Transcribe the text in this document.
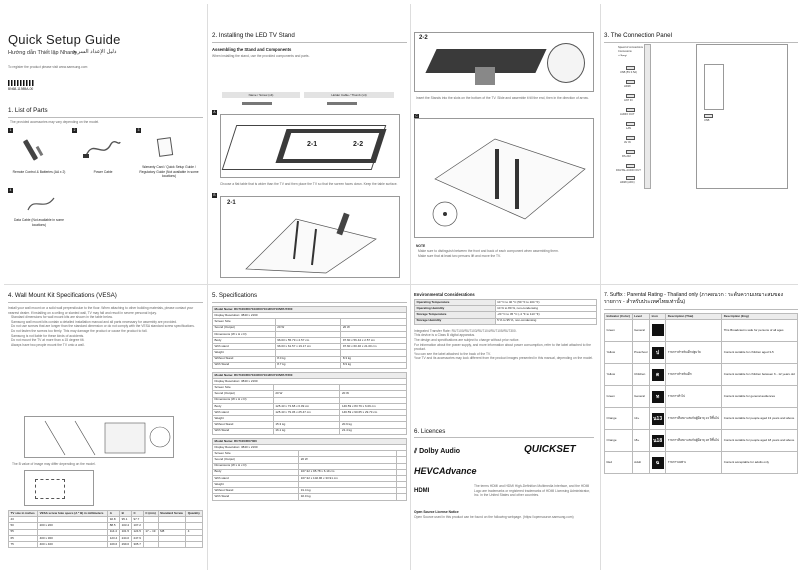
Quick Setup Guide
Hướng dẫn Thiết lập Nhanh
دليل الإعداد السريع
To register the product please visit www.samsung.com
BN68-11989A-00
1. List of Parts
The provided accessories may vary depending on the model.
1
Remote Control & Batteries (AA x 2)
2
Power Cable
3
Warranty Card / Quick Setup Guide / Regulatory Guide (Not available in some locations)
4
Data Cable (Not available in some locations)
2. Installing the LED TV Stand
Assembling the Stand and Components
When installing the stand, use the provided components and parts.
Name / Screw (x4)	Holder Cable / Thumb (x4)
A
2-1	2-2
Choose a flat table that is wider than the TV and then place the TV so that the screen faces down. Keep the table surface.
B
2-1
2-2
Insert the Stands into the slots on the bottom of the TV. Slide and assemble it till the end, then in the direction of arrow.
C
NOTE
Make sure to distinguish between the front and back of each component when assembling them.
Make sure that at least two persons lift and move the TV.
3. The Connection Panel
Speed of connections
Connexions
توصيلات
USB (5V 0.5A)
HDMI
ANT IN
AUDIO OUT
LAN
AV IN
RS-232
DIGITAL AUDIO OUT
HDMI (ARC)
USB
4. Wall Mount Kit Specifications (VESA)
Install your wall mount on a solid wall perpendicular to the floor. When attaching to other building materials, please contact your nearest dealer. If installing on a ceiling or slanted wall, TV may fall and result in severe personal injury.
Standard dimensions for wall mount kits are shown in the table below.
Samsung wall mount kits contain a detailed installation manual and all parts necessary for assembly are provided.
Do not use screws that are longer than the standard dimension or do not comply with the VESA standard screw specifications.
Do not fasten the screws too firmly. This may damage the product or cause the product to fall.
Samsung is not liable for these kinds of accidents.
Do not mount the TV at more than a 15 degree tilt.
Always have two people mount the TV onto a wall.
The B value of image may differ depending on the model.
TV size in inches	VESA screw hole specs (A * B) in millimeters	A	B	C	C (mm)	Standard Screw	Quantity
43		92.8	95.1	97.7			
50	200 x 200	88.5	103.4	107.2			
55		114.4	101.5	124.5	17 ~ 19	M8	4
65	400 x 300	123.4	244.0	247.9			
75	400 x 400	109.6	299.6	305.7			
5. Specifications
Model Name: RU7100/RU7103/RU7104/RU7105/RU7300		
Display Resolution: 3840 x 2160		
Screen Size		
Sound (Output)	20 W	20 W
Dimensions (W x H x D)		
Body	96.03 x 55.79 x 2.57 cm	97.60 x 56.44 x 2.57 cm
With stand	96.03 x 61.57 x 19.17 cm	97.60 x 60.46 x 21.00 cm
Weight		
Without Stand	8.0 kg	8.3 kg
With Stand	8.7 kg	8.9 kg
Model Name: RU7100/RU7103/RU7104/RU7105/RU7300		
Display Resolution: 3840 x 2160		
Screen Size		
Sound (Output)	20 W	20 W
Dimensions (W x H x D)		
Body	125.43 x 73.68 x 6.09 cm	146.59 x 83.79 x 6.09 cm
With stand	125.43 x 79.36 x 25.47 cm	146.59 x 90.65 x 29.73 cm
Weight		
Without Stand	15.3 kg	20.9 kg
With Stand	16.1 kg	21.4 kg
Model Name: RU7100/RU7300		
Display Resolution: 3840 x 2160		
Screen Size		
Sound (Output)	20 W	
Dimensions (W x H x D)		
Body	167.32 x 95.78 x 6.19 cm	
With stand	167.32 x 102.96 x 33.91 cm	
Weight		
Without Stand	31.4 kg	
With Stand	32.0 kg	
Environmental Considerations
Operating Temperature	10 °C to 40 °C (50 °F to 104 °F)
Operating Humidity	10 % to 80 %, non-condensing
Storage Temperature	-20 °C to 45 °C (-4 °F to 113 °F)
Storage Humidity	5 % to 95 %, non-condensing
Integrated Transfer Rate: RU7100/RU7103/RU7104/RU7105/RU7300.
This device is a Class B digital apparatus.
The design and specifications are subject to change without prior notice.
For information about the power supply, and more information about power consumption, refer to the label attached to the product.
You can see the label attached to the back of the TV.
Your TV and its accessories may look different from the product images presented in this manual, depending on the model.
6. Licences
⫽ Dolby Audio	QUICKSET
HEVCAdvance
HDMI
The terms HDMI and HDMI High-Definition Multimedia Interface, and the HDMI Logo are trademarks or registered trademarks of HDMI Licensing Administrator, Inc. in the United States and other countries.
Open Source License Notice
Open Source used in this product can be found on the following webpage. (https://opensource.samsung.com)
7. Suffix : Parental Rating - Thailand only (ภาคผนวก : ระดับความเหมาะสมของรายการ - สำหรับประเทศไทยเท่านั้น)
Indicator (Color)	Level	Icon	Description (Thai)	Description (Eng)
Green	General			This Broadcast is safe for persons of all ages
Yellow	Preschool	ป	รายการสำหรับเด็กปฐมวัย	Content suitable for children aged 3-5
Yellow	Children	ด	รายการสำหรับเด็ก	Content suitable for children between 6 - 12 years old
Green	General	ท	รายการทั่วไป	Content suitable for general audiences
Orange	13+	น13	รายการที่เหมาะสมกับผู้มีอายุ 13 ปีขึ้นไป	Content suitable for people aged 13 years and above
Orange	18+	น18	รายการที่เหมาะสมกับผู้มีอายุ 18 ปีขึ้นไป	Content suitable for people aged 18 years and above
Red	Adult	ฉ	รายการเฉพาะ	Content acceptable for adults only
